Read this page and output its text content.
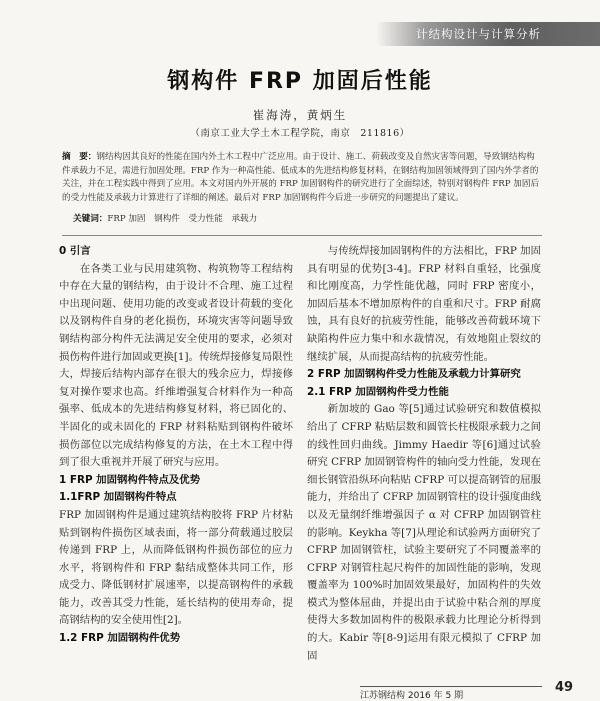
计结构设计与计算分析
钢构件 FRP 加固后性能
崔海涛，黄炳生
（南京工业大学土木工程学院，南京　211816）
摘　要：钢结构因其良好的性能在国内外土木工程中广泛应用。由于设计、施工、荷载改变及自然灾害等问题，导致钢结构构件承载力不足，需进行加固处理。FRP 作为一种高性能、低成本的先进结构修复材料，在钢结构加固领域得到了国内外学者的关注，并在工程实践中得到了应用。本文对国内外开展的 FRP 加固钢构件的研究进行了全面综述，特别对钢构件 FRP 加固后的受力性能及承载力计算进行了详细的阐述。最后对 FRP 加固钢构件今后进一步研究的问题提出了建议。
关键词：FRP 加固　钢构件　受力性能　承载力
0 引言

在各类工业与民用建筑物、构筑物等工程结构中存在大量的钢结构，由于设计不合理、施工过程中出现问题、使用功能的改变或者设计荷载的变化以及钢构件自身的老化损伤，环境灾害等问题导致钢结构部分构件无法满足安全使用的要求，必须对损伤构件进行加固或更换[1]。传统焊接修复局限性大，焊接后结构内部存在很大的残余应力，焊接修复对操作要求也高。纤维增强复合材料作为一种高强率、低成本的先进结构修复材料，将已固化的、半固化的或未固化的 FRP 材料粘贴到钢构件破坏损伤部位以完成结构修复的方法，在土木工程中得到了很大重视并开展了研究与应用。

1 FRP 加固钢构件特点及优势
1.1FRP 加固钢构件特点

FRP 加固钢构件是通过建筑结构胶将 FRP 片材粘贴到钢构件损伤区域表面，将一部分荷载通过胶层传递到 FRP 上，从而降低钢构件损伤部位的应力水平，将钢构件和 FRP 黏结成整体共同工作，形成受力、降低钢材扩展速率，以提高钢构件的承载能力，改善其受力性能，延长结构的使用寿命，提高钢结构的安全使用性[2]。

1.2 FRP 加固钢构件优势

与传统焊接加固钢构件的方法相比，FRP 加固具有明显的优势[3-4]。FRP 材料自重轻，比强度和比刚度高，力学性能优越，同时 FRP 密度小，加固后基本不增加原构件的自重和尺寸。FRP 耐腐蚀，具有良好的抗疲劳性能，能够改善荷载环境下缺陷构件应力集中和水裁情况，有效地阻止裂纹的继续扩展，从而提高结构的抗疲劳性能。

2 FRP 加固钢构件受力性能及承载力计算研究
2.1 FRP 加固钢构件受力性能

新加坡的 Gao 等[5]通过试验研究和数值模拟给出了 CFRP 粘贴层数和圆管长柱极限承载力之间的线性回归曲线。Jimmy Haedir 等[6]通过试验研究 CFRP 加固钢管构件的轴向受力性能，发现在细长钢管沿纵环向粘贴 CFRP 可以提高钢管的屈服能力，并给出了 CFRP 加固钢管柱的设计强度曲线以及无量纲纤维增强因子 α 对 CFRP 加固钢管柱的影响。Keykha 等[7]从理论和试验两方面研究了 CFRP 加固钢管柱，试验主要研究了不同覆盖率的 CFRP 对钢管柱起尺构件的加固性能的影响，发现覆盖率为 100%时加固效果最好，加固构件的失效模式为整体屈曲，并提出由于试验中粘合剂的厚度使得大多数加固构件的极限承载力比理论分析得到的大。Kabir 等[8-9]运用有限元模拟了 CFRP 加固

江苏钢结构 2016 年 5 期
49
